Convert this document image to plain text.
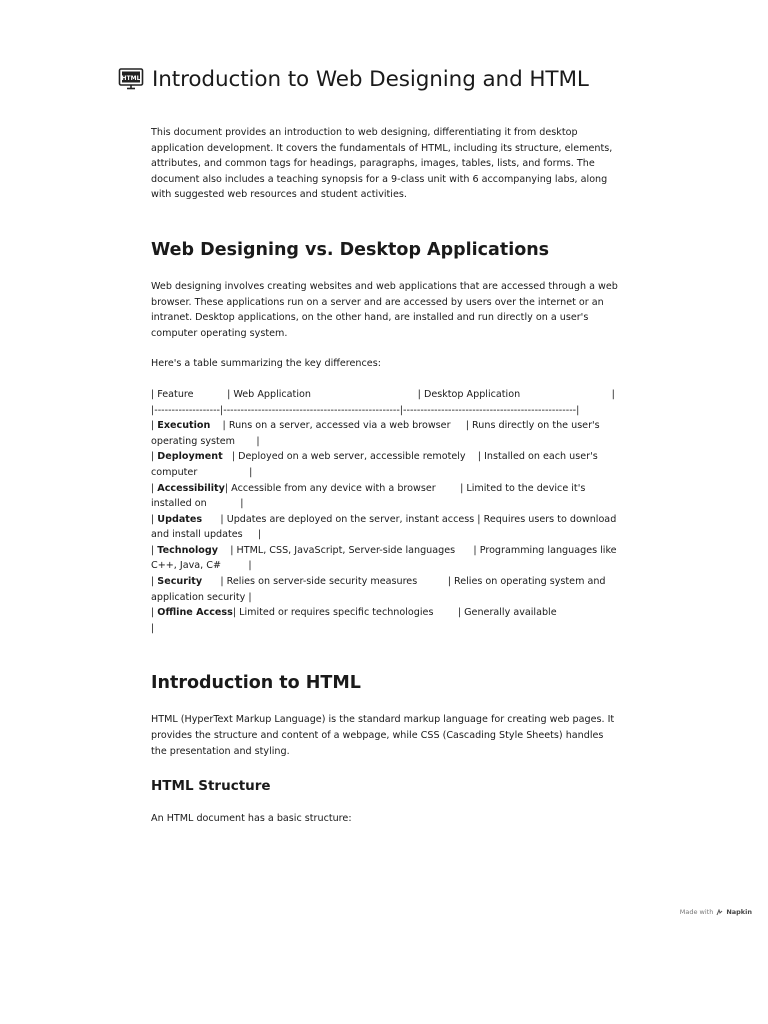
HTML Introduction to Web Designing and HTML

This document provides an introduction to web designing, differentiating it from desktop application development. It covers the fundamentals of HTML, including its structure, elements, attributes, and common tags for headings, paragraphs, images, tables, lists, and forms. The document also includes a teaching synopsis for a 9-class unit with 6 accompanying labs, along with suggested web resources and student activities.

Web Designing vs. Desktop Applications

Web designing involves creating websites and web applications that are accessed through a web browser. These applications run on a server and are accessed by users over the internet or an intranet. Desktop applications, on the other hand, are installed and run directly on a user's computer operating system.

Here's a table summarizing the key differences:

| Feature           | Web Application                                   | Desktop Application                              |

|-------------------|---------------------------------------------------|--------------------------------------------------|

| Execution    | Runs on a server, accessed via a web browser     | Runs directly on the user's operating system       |

| Deployment   | Deployed on a web server, accessible remotely    | Installed on each user's computer                 |

| Accessibility| Accessible from any device with a browser        | Limited to the device it's installed on           |

| Updates      | Updates are deployed on the server, instant access | Requires users to download and install updates     |

| Technology    | HTML, CSS, JavaScript, Server-side languages      | Programming languages like C++, Java, C#         |

| Security      | Relies on server-side security measures          | Relies on operating system and application security |

| Offline Access| Limited or requires specific technologies        | Generally available                              |

Introduction to HTML

HTML (HyperText Markup Language) is the standard markup language for creating web pages. It provides the structure and content of a webpage, while CSS (Cascading Style Sheets) handles the presentation and styling.

HTML Structure

An HTML document has a basic structure:

Made with Napkin
